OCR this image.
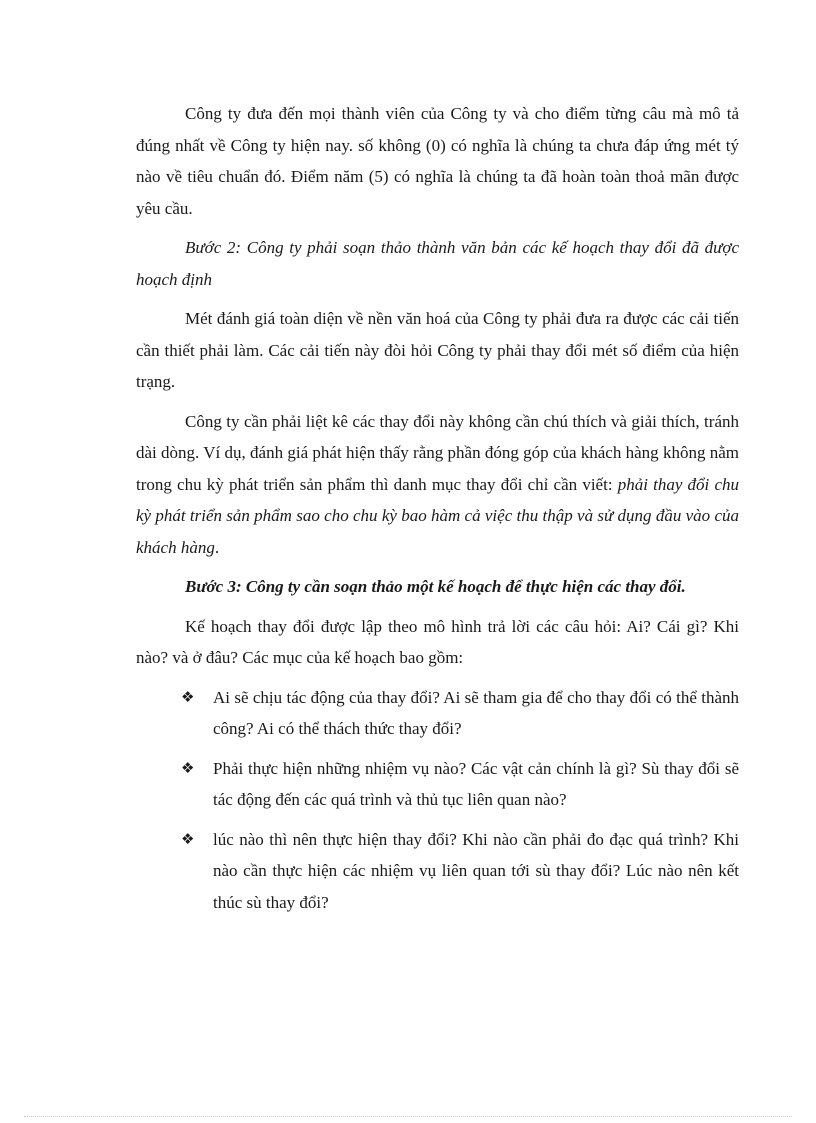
Công ty đưa đến mọi thành viên của Công ty và cho điểm từng câu mà mô tả đúng nhất về Công ty hiện nay. số không (0) có nghĩa là chúng ta chưa đáp ứng mét tý nào về tiêu chuẩn đó. Điểm năm (5) có nghĩa là chúng ta đã hoàn toàn thoả mãn được yêu cầu.

Bước 2: Công ty phải soạn thảo thành văn bản các kế hoạch thay đổi đã được hoạch định

Mét đánh giá toàn diện về nền văn hoá của Công ty phải đưa ra được các cải tiến cần thiết phải làm. Các cải tiến này đòi hỏi Công ty phải thay đổi mét số điểm của hiện trạng.

Công ty cần phải liệt kê các thay đổi này không cần chú thích và giải thích, tránh dài dòng. Ví dụ, đánh giá phát hiện thấy rằng phần đóng góp của khách hàng không nằm trong chu kỳ phát triển sản phẩm thì danh mục thay đổi chỉ cần viết: phải thay đổi chu kỳ phát triển sản phẩm sao cho chu kỳ bao hàm cả việc thu thập và sử dụng đầu vào của khách hàng.

Bước 3: Công ty cần soạn thảo một kế hoạch để thực hiện các thay đổi.

Kế hoạch thay đổi được lập theo mô hình trả lời các câu hỏi: Ai? Cái gì? Khi nào? và ở đâu? Các mục của kế hoạch bao gồm:

❖ Ai sẽ chịu tác động của thay đổi? Ai sẽ tham gia để cho thay đổi có thể thành công? Ai có thể thách thức thay đổi?
❖ Phải thực hiện những nhiệm vụ nào? Các vật cản chính là gì? Sù thay đổi sẽ tác động đến các quá trình và thủ tục liên quan nào?
❖ lúc nào thì nên thực hiện thay đổi? Khi nào cần phải đo đạc quá trình? Khi nào cần thực hiện các nhiệm vụ liên quan tới sù thay đổi? Lúc nào nên kết thúc sù thay đổi?
